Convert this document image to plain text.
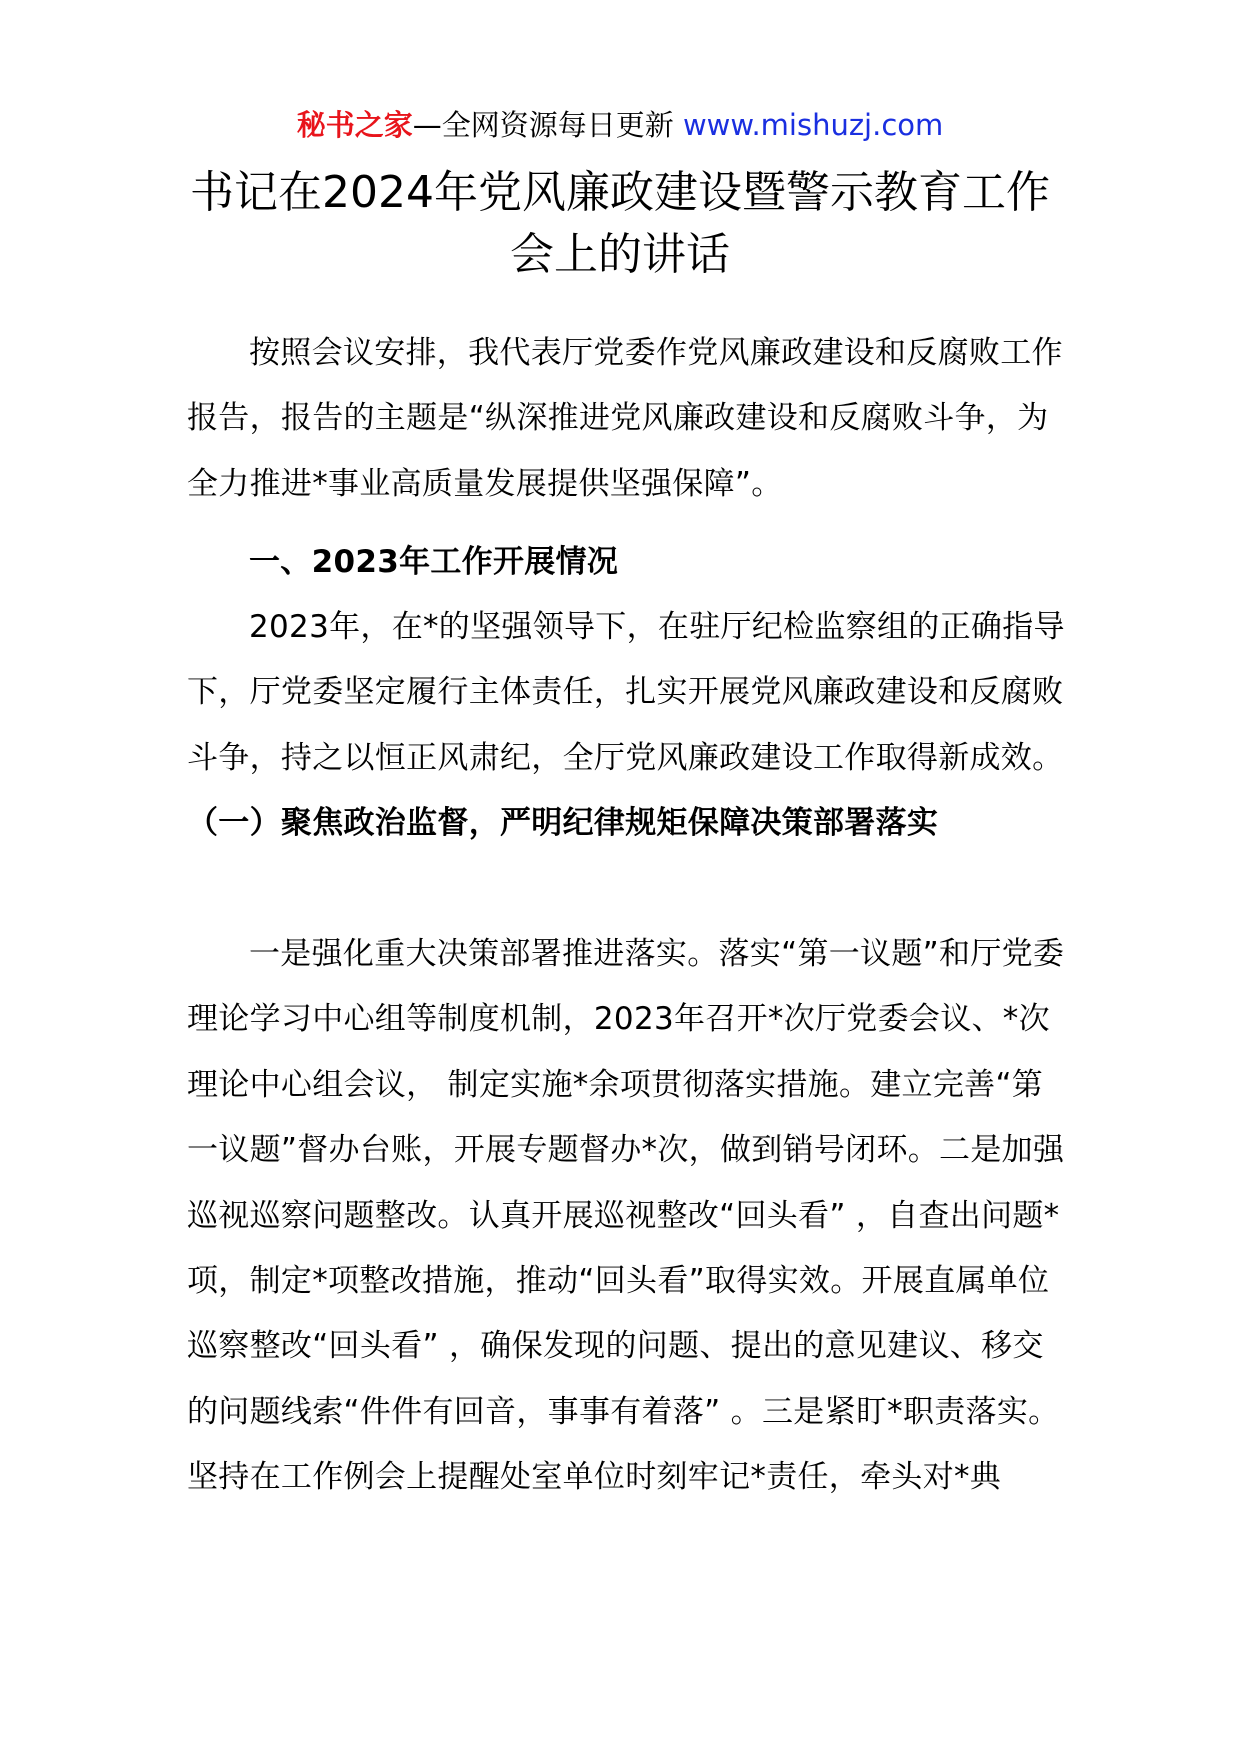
秘书之家—全网资源每日更新 www.mishuzj.com
书记在2024年党风廉政建设暨警示教育工作会上的讲话

按照会议安排，我代表厅党委作党风廉政建设和反腐败工作报告，报告的主题是“纵深推进党风廉政建设和反腐败斗争，为全力推进*事业高质量发展提供坚强保障”。

一、2023年工作开展情况

2023年，在*的坚强领导下，在驻厅纪检监察组的正确指导下，厅党委坚定履行主体责任，扎实开展党风廉政建设和反腐败斗争，持之以恒正风肃纪，全厅党风廉政建设工作取得新成效。（一）聚焦政治监督，严明纪律规矩保障决策部署落实

一是强化重大决策部署推进落实。落实“第一议题”和厅党委理论学习中心组等制度机制，2023年召开*次厅党委会议、*次理论中心组会议， 制定实施*余项贯彻落实措施。建立完善“第一议题”督办台账，开展专题督办*次，做到销号闭环。二是加强巡视巡察问题整改。认真开展巡视整改“回头看” ，自查出问题*项，制定*项整改措施，推动“回头看”取得实效。开展直属单位巡察整改“回头看” ，确保发现的问题、提出的意见建议、移交的问题线索“件件有回音，事事有着落” 。三是紧盯*职责落实。坚持在工作例会上提醒处室单位时刻牢记*责任，牵头对*典
